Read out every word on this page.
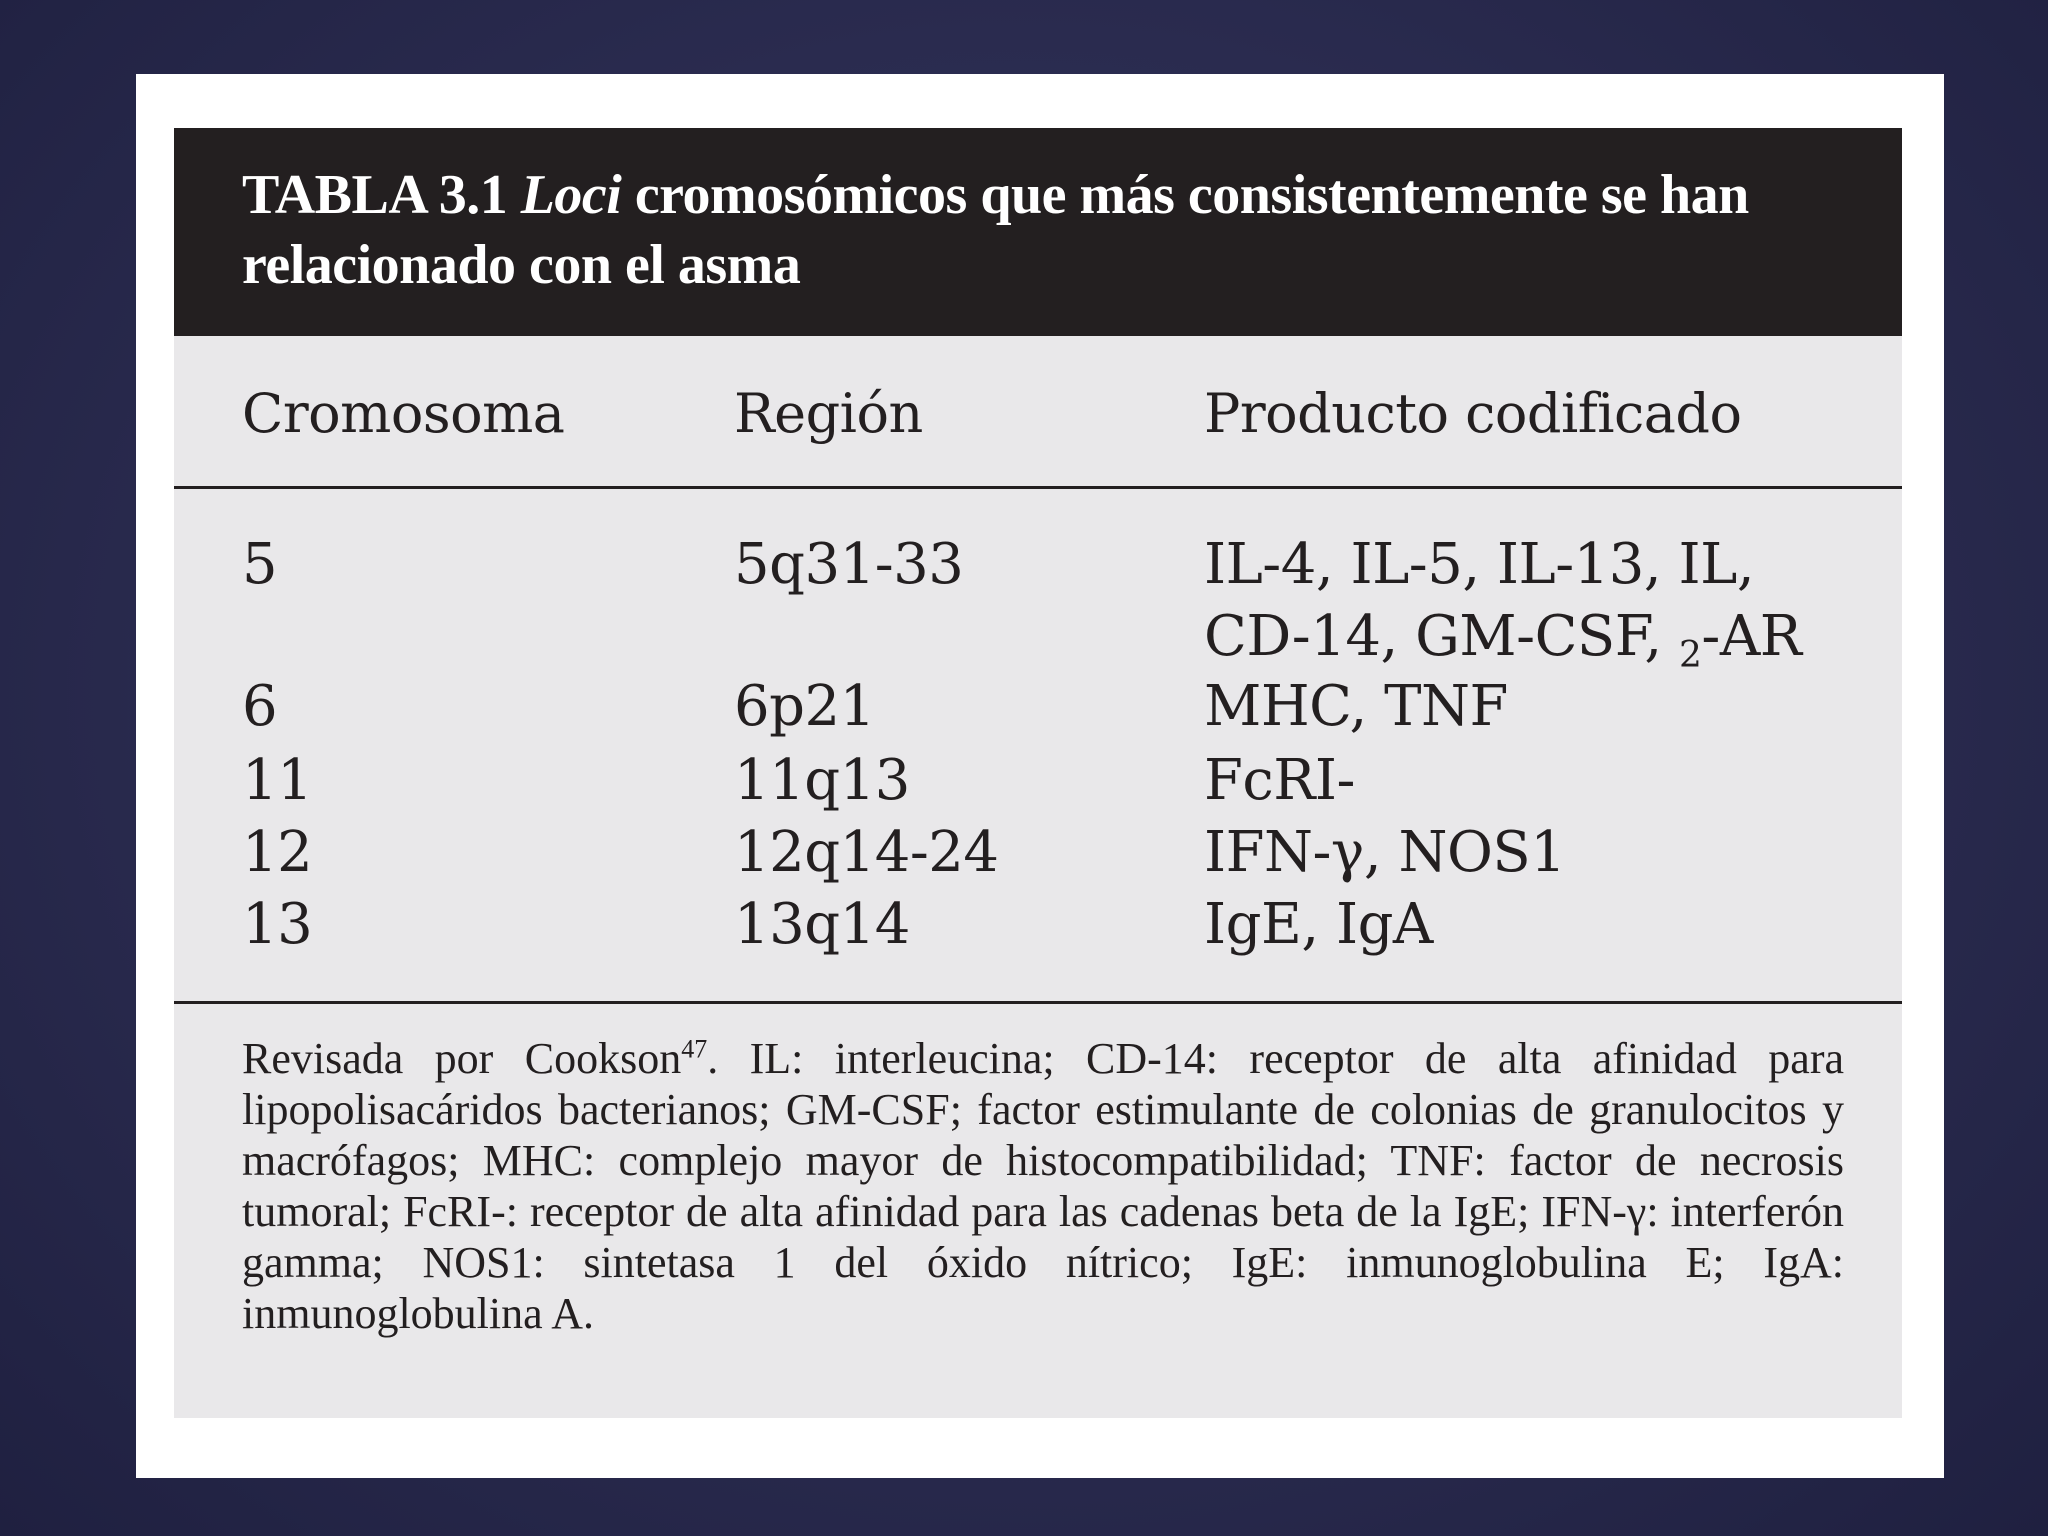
TABLA 3.1 Loci cromosómicos que más consistentemente se han relacionado con el asma

Cromosoma	Región	Producto codificado
5	5q31-33	IL-4, IL-5, IL-13, IL,
CD-14, GM-CSF, $_2$-AR
6	6p21	MHC, TNF
11	11q13	FcRI-
12	12q14-24	IFN-γ, NOS1
13	13q14	IgE, IgA

Revisada por Cookson$^{47}$. IL: interleucina; CD-14: receptor de alta afinidad para lipopolisacáridos bacterianos; GM-CSF; factor estimulante de colonias de granulocitos y macrófagos; MHC: complejo mayor de histocompatibilidad; TNF: factor de necrosis tumoral; FcRI-: receptor de alta afinidad para las cadenas beta de la IgE; IFN-γ: interferón gamma; NOS1: sintetasa 1 del óxido nítrico; IgE: inmunoglobulina E; IgA: inmunoglobulina A.
